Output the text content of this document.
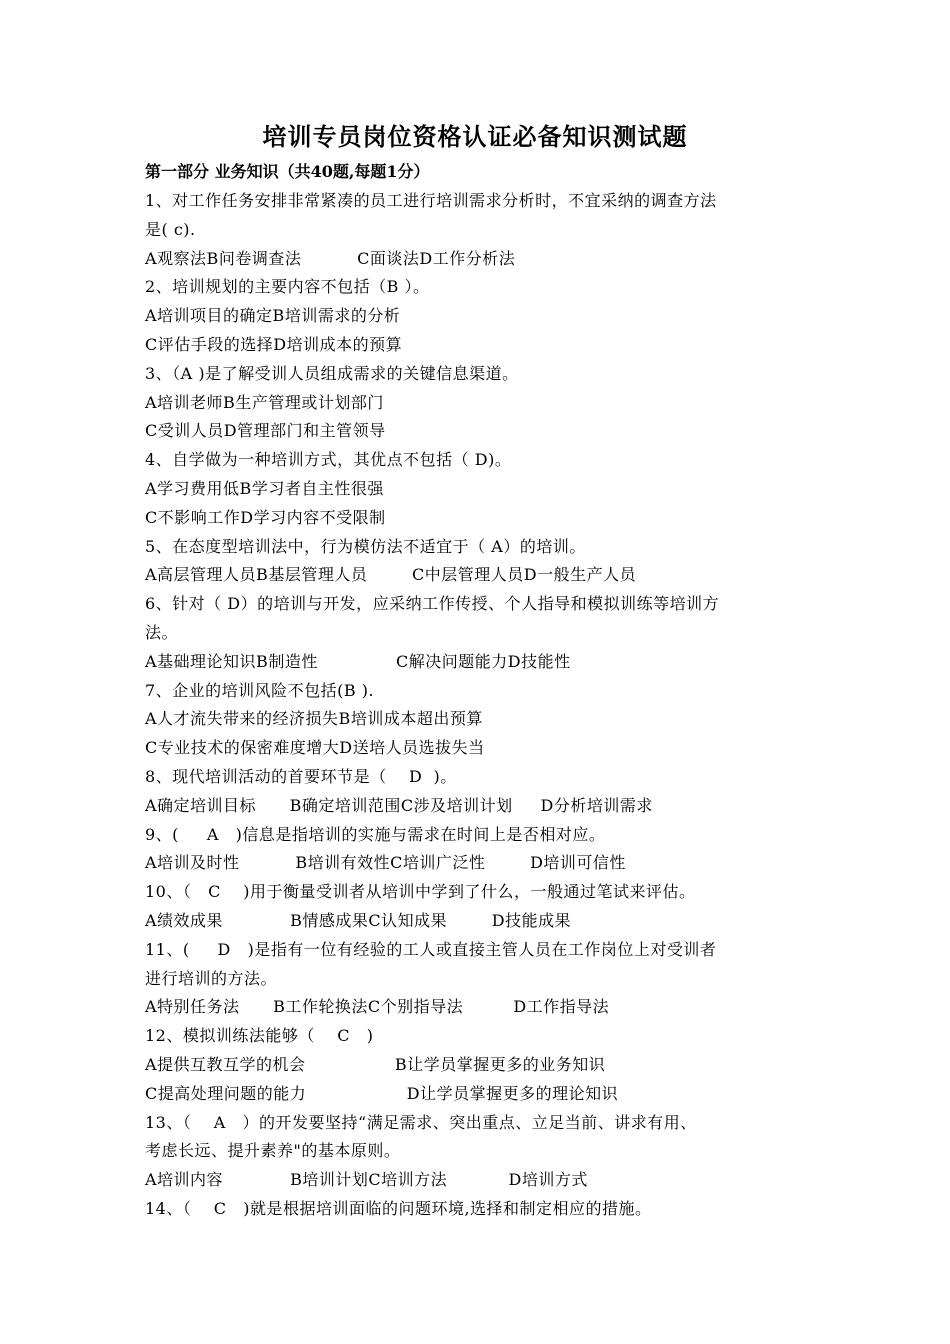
培训专员岗位资格认证必备知识测试题
第一部分 业务知识（共40题,每题1分）
1、对工作任务安排非常紧凑的员工进行培训需求分析时，不宜采纳的调查方法
是( c).
A观察法B问卷调查法          C面谈法D工作分析法
2、培训规划的主要内容不包括（B ）。
A培训项目的确定B培训需求的分析
C评估手段的选择D培训成本的预算
3、（A )是了解受训人员组成需求的关键信息渠道。
A培训老师B生产管理或计划部门
C受训人员D管理部门和主管领导
4、自学做为一种培训方式，其优点不包括（ D)。
A学习费用低B学习者自主性很强
C不影响工作D学习内容不受限制
5、在态度型培训法中，行为模仿法不适宜于（ A）的培训。
A高层管理人员B基层管理人员        C中层管理人员D一般生产人员
6、针对（ D）的培训与开发，应采纳工作传授、个人指导和模拟训练等培训方
法。
A基础理论知识B制造性              C解决问题能力D技能性
7、企业的培训风险不包括(B ).
A人才流失带来的经济损失B培训成本超出预算
C专业技术的保密难度增大D送培人员选拔失当
8、现代培训活动的首要环节是（    D  )。
A确定培训目标      B确定培训范围C涉及培训计划     D分析培训需求
9、(     A   )信息是指培训的实施与需求在时间上是否相对应。
A培训及时性          B培训有效性C培训广泛性        D培训可信性
10、（   C    )用于衡量受训者从培训中学到了什么，一般通过笔试来评估。
A绩效成果            B情感成果C认知成果        D技能成果
11、(     D   )是指有一位有经验的工人或直接主管人员在工作岗位上对受训者
进行培训的方法。
A特别任务法      B工作轮换法C个别指导法         D工作指导法
12、模拟训练法能够（    C   )
A提供互教互学的机会                B让学员掌握更多的业务知识
C提高处理问题的能力                  D让学员掌握更多的理论知识
13、（    A   ）的开发要坚持“满足需求、突出重点、立足当前、讲求有用、
考虑长远、提升素养"的基本原则。
A培训内容            B培训计划C培训方法           D培训方式
14、（    C   )就是根据培训面临的问题环境,选择和制定相应的措施。
